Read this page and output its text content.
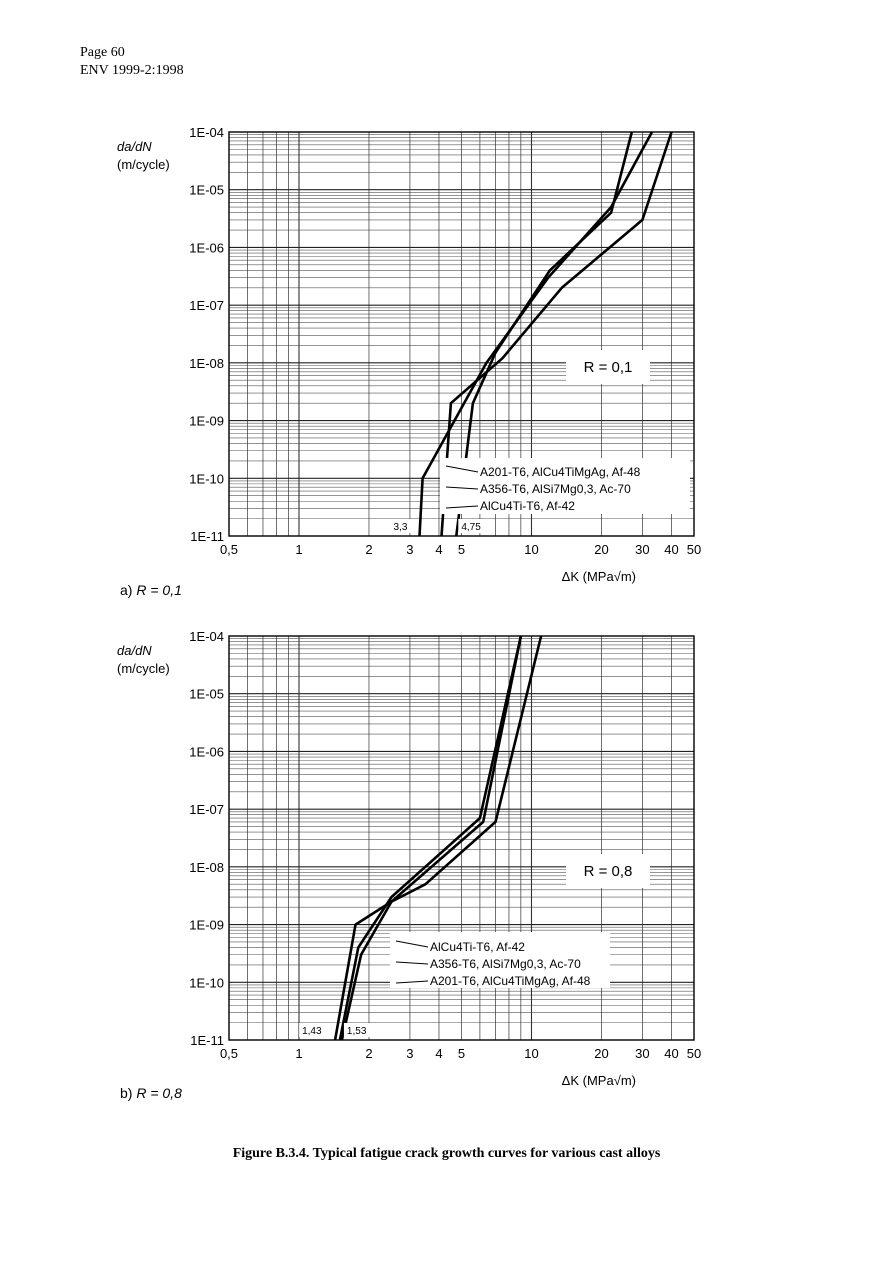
Page 60
ENV 1999-2:1998
1E-11
1E-10
1E-09
1E-08
1E-07
1E-06
1E-05
1E-04
0,5	1	2	3 4 5	10	20 30 40 50
da/dN
(m/cycle)
ΔK (MPa√m)
3,3	4,75
R = 0,1
A201-T6, AlCu4TiMgAg, Af-48
A356-T6, AlSi7Mg0,3, Ac-70
AlCu4Ti-T6, Af-42
1E-11
1E-10
1E-09
1E-08
1E-07
1E-06
1E-05
1E-04
0,5	1	2	3 4 5	10	20 30 40 50
da/dN
(m/cycle)
ΔK (MPa√m)
1,43	1,53
R = 0,8
AlCu4Ti-T6, Af-42
A356-T6, AlSi7Mg0,3, Ac-70
A201-T6, AlCu4TiMgAg, Af-48
a) R = 0,1
b) R = 0,8
Figure B.3.4. Typical fatigue crack growth curves for various cast alloys
